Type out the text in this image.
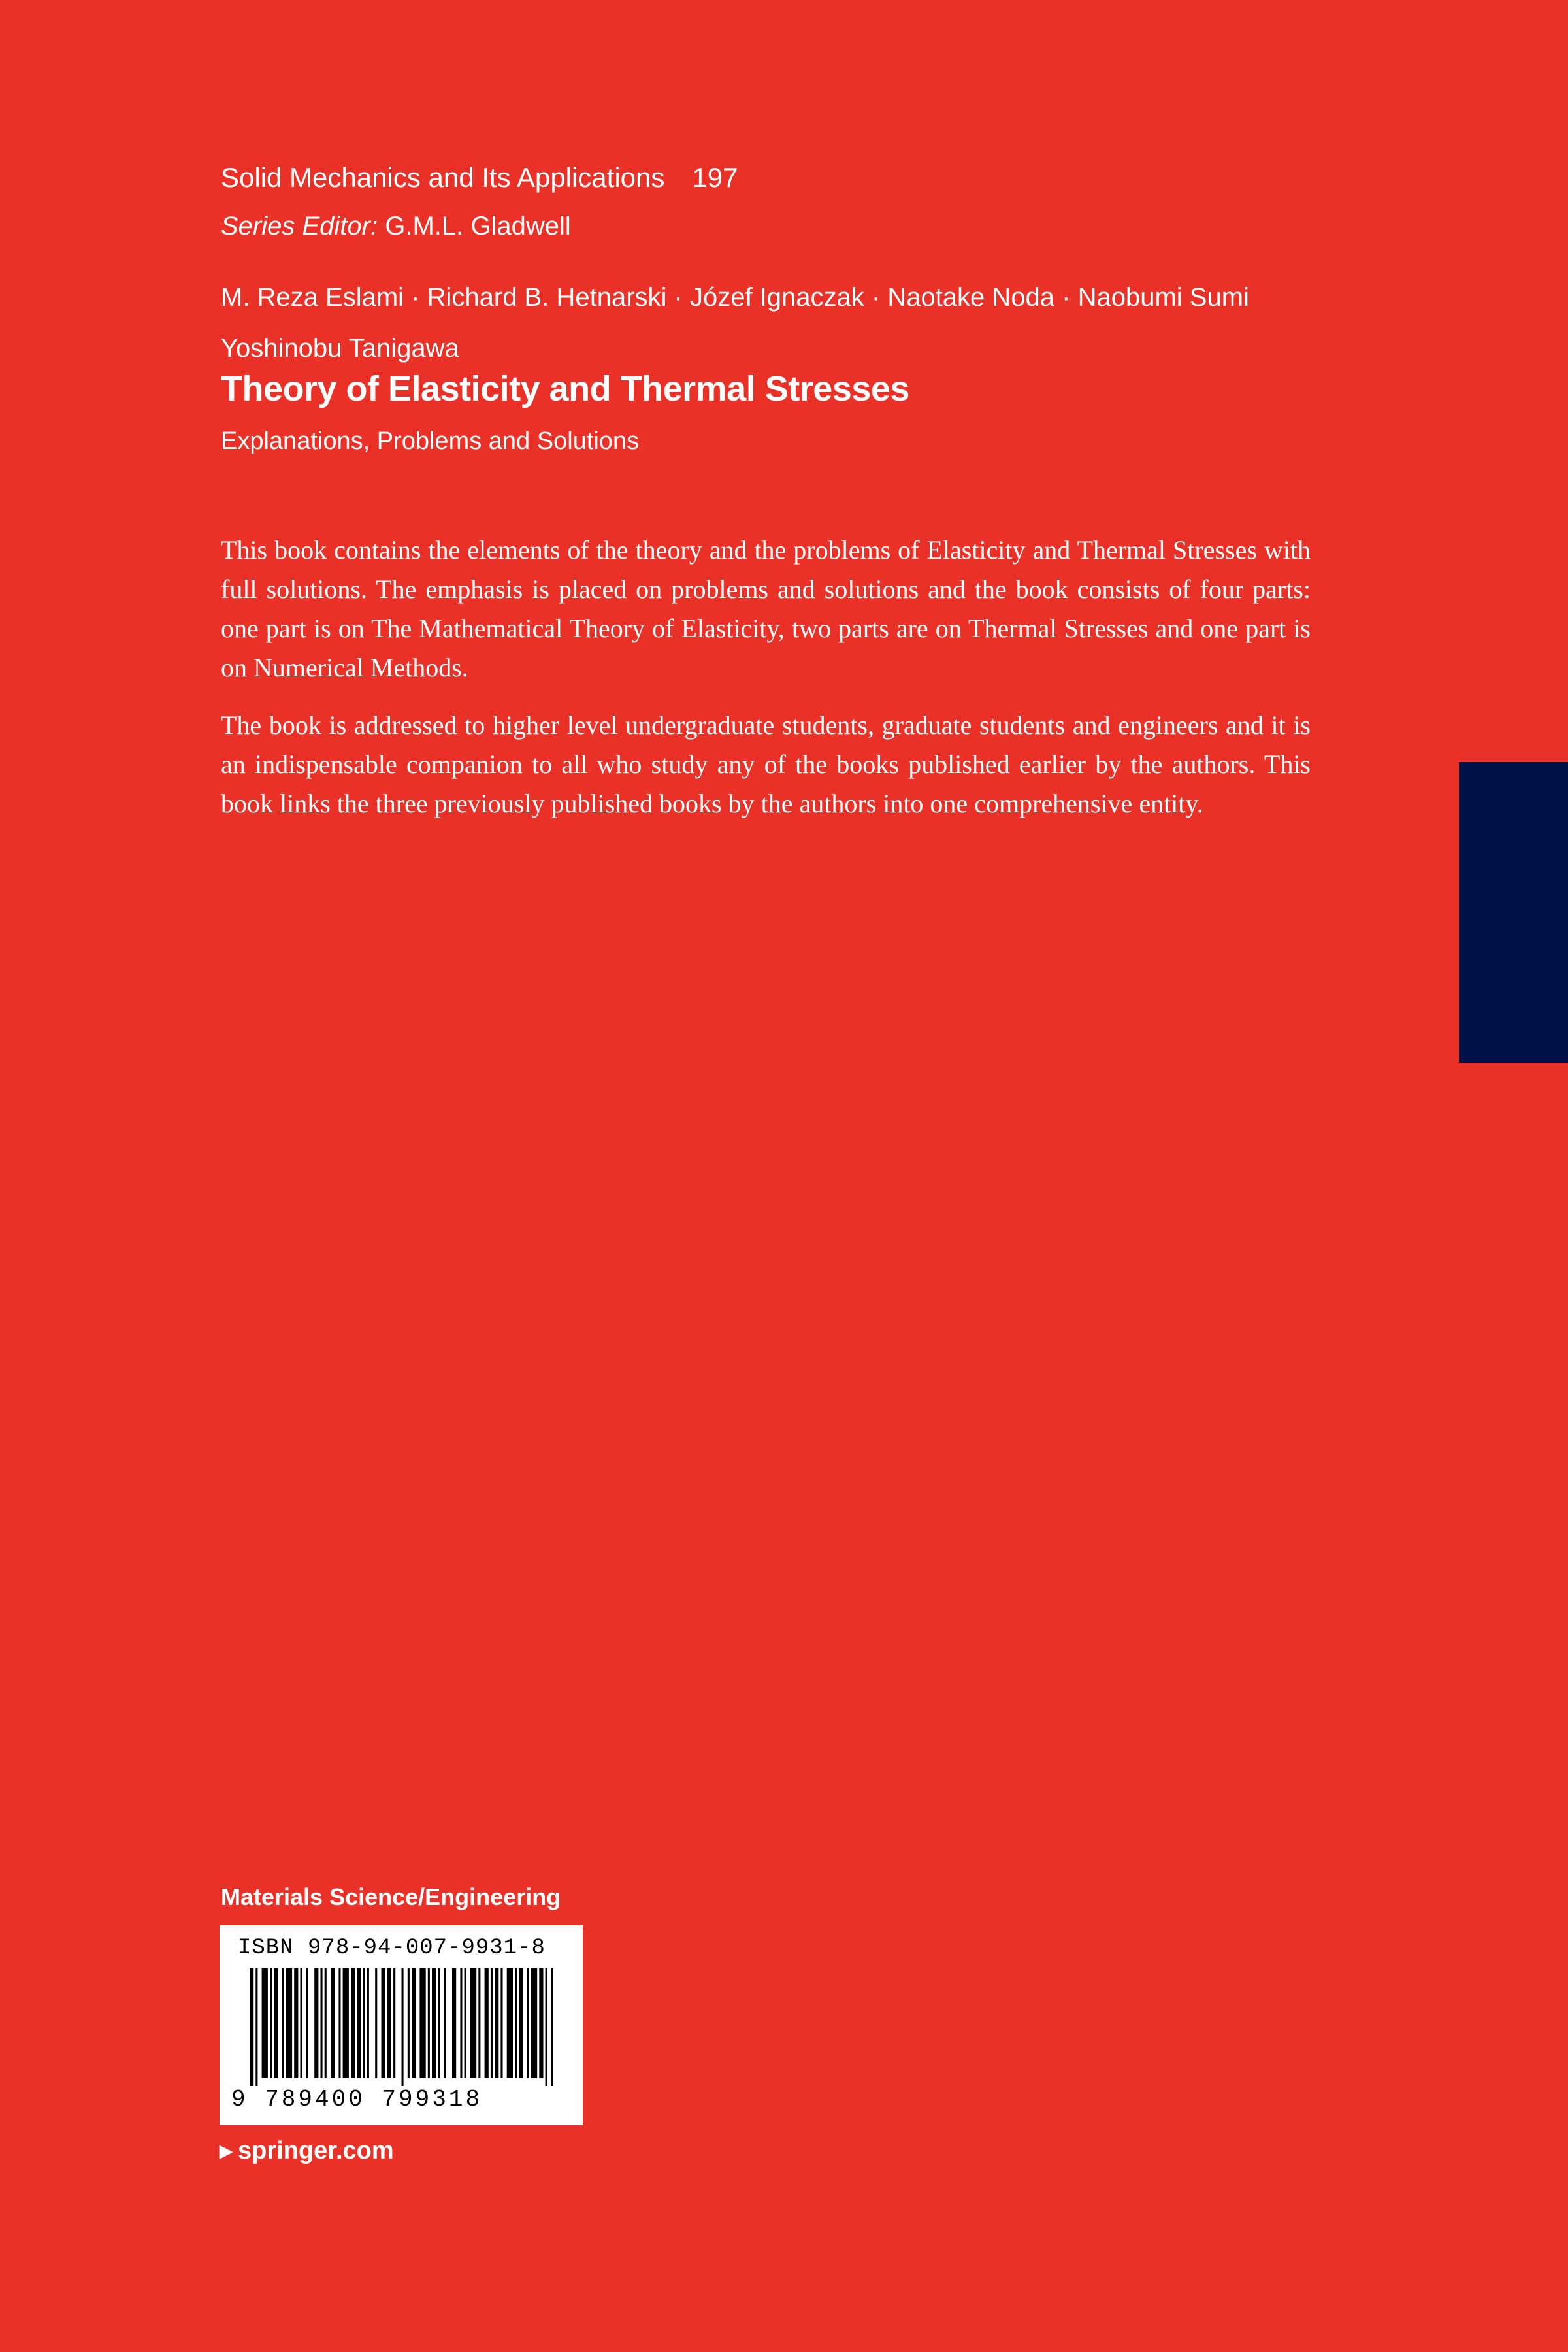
Solid Mechanics and Its Applications 197
Series Editor: G.M.L. Gladwell
M. Reza Eslami · Richard B. Hetnarski · Józef Ignaczak · Naotake Noda · Naobumi Sumi
Yoshinobu Tanigawa
Theory of Elasticity and Thermal Stresses
Explanations, Problems and Solutions

This book contains the elements of the theory and the problems of Elasticity and Thermal Stresses with full solutions. The emphasis is placed on problems and solutions and the book consists of four parts: one part is on The Mathematical Theory of Elasticity, two parts are on Thermal Stresses and one part is on Numerical Methods.

The book is addressed to higher level undergraduate students, graduate students and engineers and it is an indispensable companion to all who study any of the books published earlier by the authors. This book links the three previously published books by the authors into one comprehensive entity.

Materials Science/Engineering
ISBN 978-94-007-9931-8
9 789400 799318
▶ springer.com
